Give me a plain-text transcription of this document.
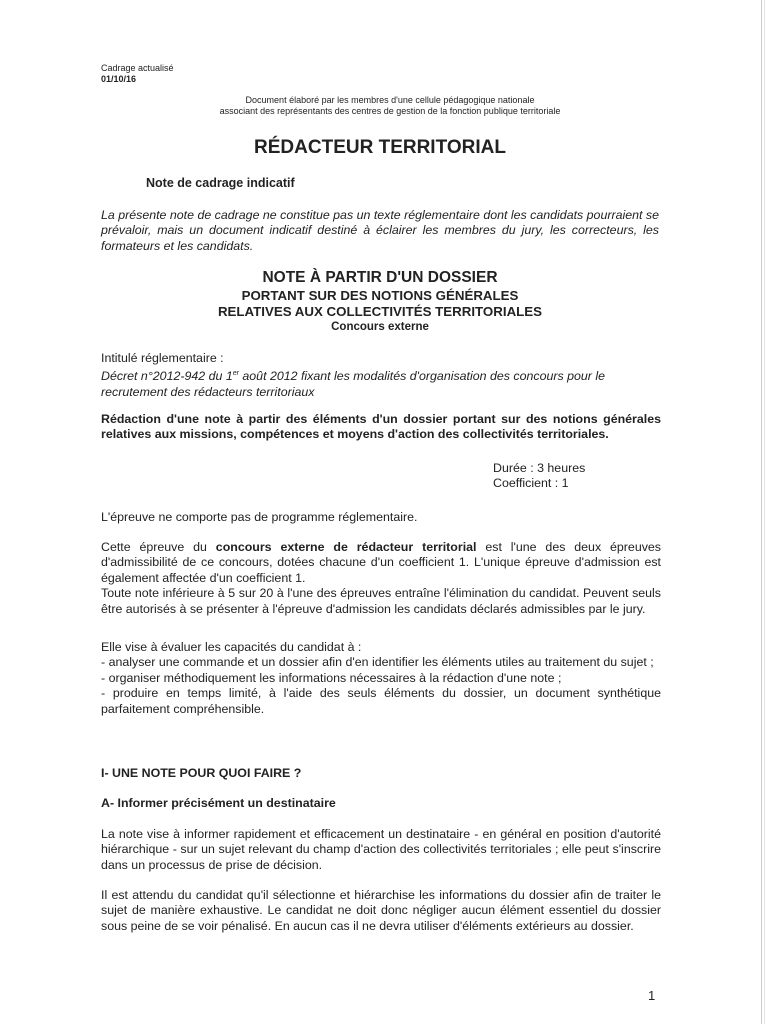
Cadrage actualisé
01/10/16
Document élaboré par les membres d'une cellule pédagogique nationale
associant des représentants des centres de gestion de la fonction publique territoriale
RÉDACTEUR TERRITORIAL
Note de cadrage indicatif

La présente note de cadrage ne constitue pas un texte réglementaire dont les candidats pourraient se prévaloir, mais un document indicatif destiné à éclairer les membres du jury, les correcteurs, les formateurs et les candidats.

NOTE À PARTIR D'UN DOSSIER
PORTANT SUR DES NOTIONS GÉNÉRALES
RELATIVES AUX COLLECTIVITÉS TERRITORIALES
Concours externe
Intitulé réglementaire :

Décret n°2012-942 du 1er août 2012 fixant les modalités d'organisation des concours pour le recrutement des rédacteurs territoriaux

Rédaction d'une note à partir des éléments d'un dossier portant sur des notions générales relatives aux missions, compétences et moyens d'action des collectivités territoriales.

Durée : 3 heures
Coefficient : 1

L'épreuve ne comporte pas de programme réglementaire.

Cette épreuve du concours externe de rédacteur territorial est l'une des deux épreuves d'admissibilité de ce concours, dotées chacune d'un coefficient 1. L'unique épreuve d'admission est également affectée d'un coefficient 1.

Toute note inférieure à 5 sur 20 à l'une des épreuves entraîne l'élimination du candidat. Peuvent seuls être autorisés à se présenter à l'épreuve d'admission les candidats déclarés admissibles par le jury.

Elle vise à évaluer les capacités du candidat à :

- analyser une commande et un dossier afin d'en identifier les éléments utiles au traitement du sujet ;
- organiser méthodiquement les informations nécessaires à la rédaction d'une note ;
- produire en temps limité, à l'aide des seuls éléments du dossier, un document synthétique parfaitement compréhensible.
I- UNE NOTE POUR QUOI FAIRE ?
A- Informer précisément un destinataire

La note vise à informer rapidement et efficacement un destinataire - en général en position d'autorité hiérarchique - sur un sujet relevant du champ d'action des collectivités territoriales ; elle peut s'inscrire dans un processus de prise de décision.

Il est attendu du candidat qu'il sélectionne et hiérarchise les informations du dossier afin de traiter le sujet de manière exhaustive. Le candidat ne doit donc négliger aucun élément essentiel du dossier sous peine de se voir pénalisé. En aucun cas il ne devra utiliser d'éléments extérieurs au dossier.

1
